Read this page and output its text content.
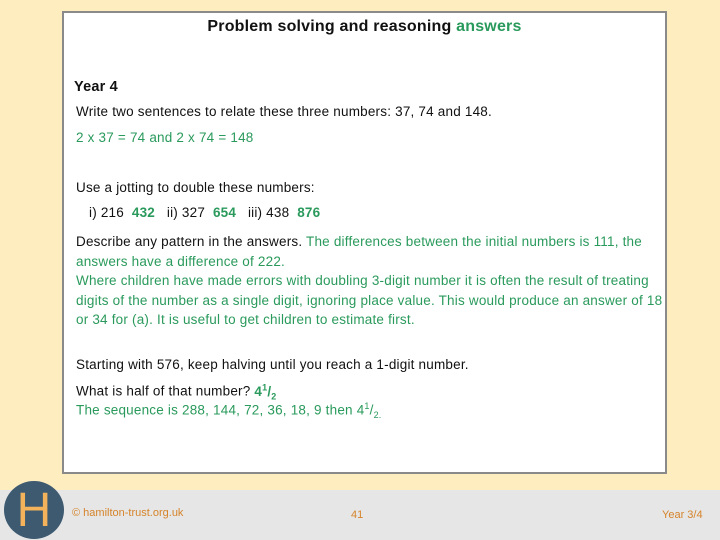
Problem solving and reasoning answers
Year 4
Write two sentences to relate these three numbers: 37, 74 and 148.
2 x 37 = 74 and 2 x 74 = 148
Use a jotting to double these numbers:
i) 216 432 ii) 327 654 iii) 438 876
Describe any pattern in the answers. The differences between the initial numbers is 111, the answers have a difference of 222.
Where children have made errors with doubling 3-digit number it is often the result of treating digits of the number as a single digit, ignoring place value. This would produce an answer of 18 or 34 for (a). It is useful to get children to estimate first.
Starting with 576, keep halving until you reach a 1-digit number.
What is half of that number? $4^1/_2$
The sequence is 288, 144, 72, 36, 18, 9 then $4^1/_{2.}$
H	© hamilton-trust.org.uk	41	Year 3/4
